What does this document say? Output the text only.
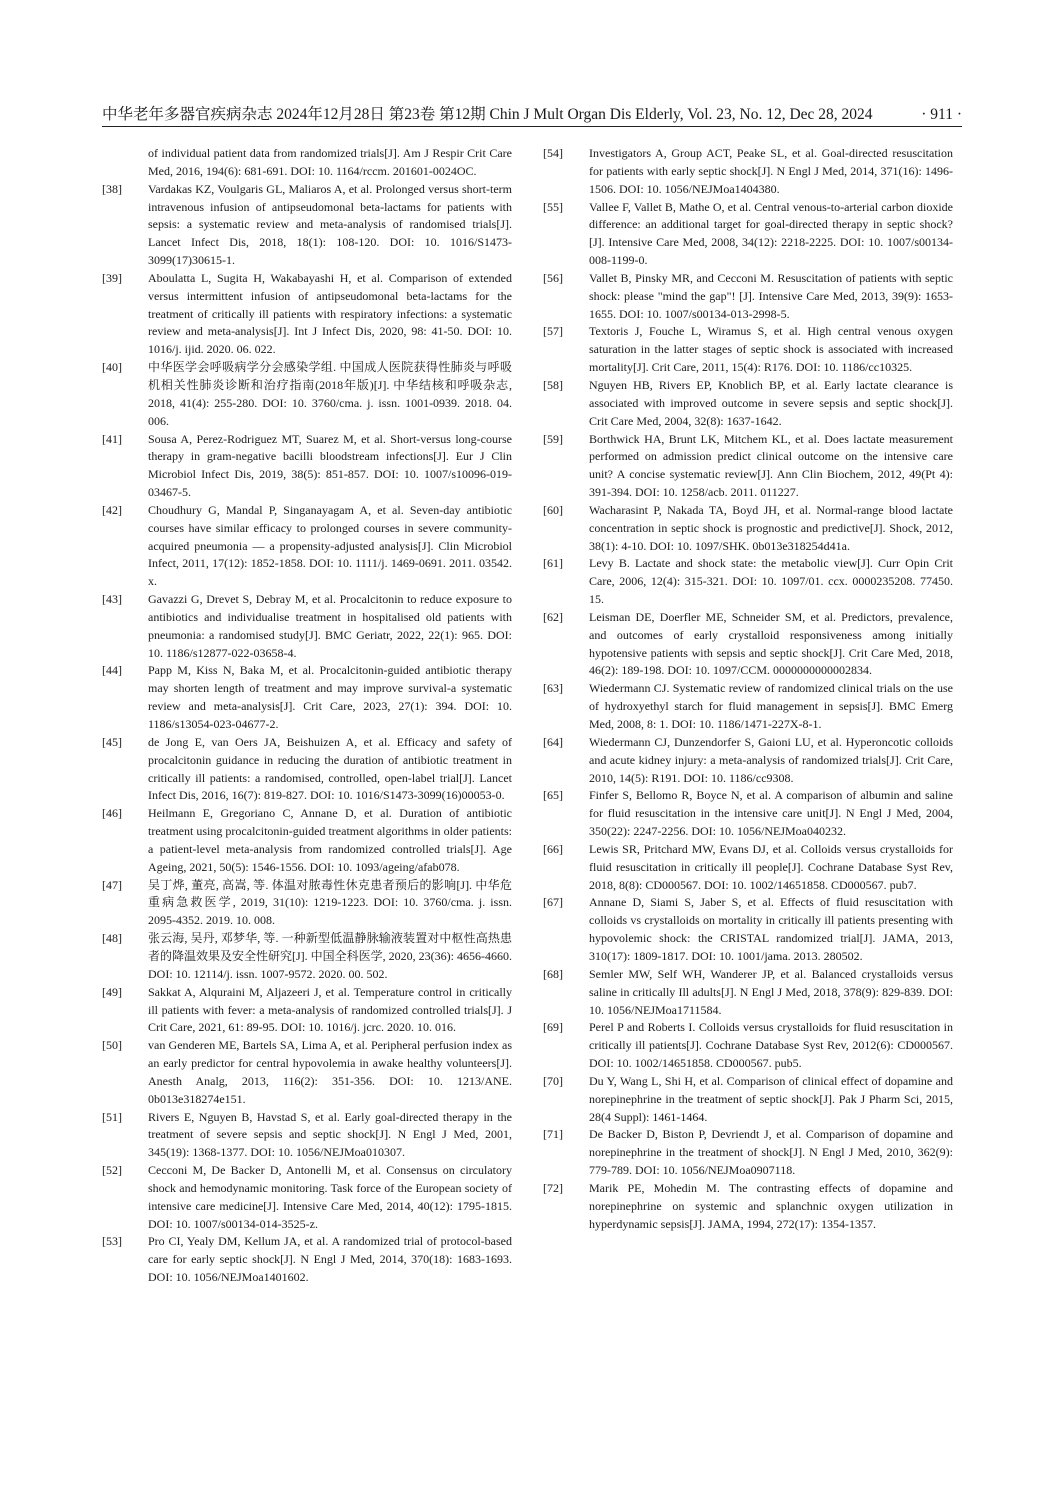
中华老年多器官疾病杂志 2024年12月28日 第23卷 第12期 Chin J Mult Organ Dis Elderly, Vol. 23, No. 12, Dec 28, 2024	· 911 ·
of individual patient data from randomized trials[J]. Am J Respir Crit Care Med, 2016, 194(6): 681-691. DOI: 10. 1164/rccm. 201601-0024OC.
[38]	Vardakas KZ, Voulgaris GL, Maliaros A, et al. Prolonged versus short-term intravenous infusion of antipseudomonal beta-lactams for patients with sepsis: a systematic review and meta-analysis of randomised trials[J]. Lancet Infect Dis, 2018, 18(1): 108-120. DOI: 10. 1016/S1473-3099(17)30615-1.
[39]	Aboulatta L, Sugita H, Wakabayashi H, et al. Comparison of extended versus intermittent infusion of antipseudomonal beta-lactams for the treatment of critically ill patients with respiratory infections: a systematic review and meta-analysis[J]. Int J Infect Dis, 2020, 98: 41-50. DOI: 10. 1016/j. ijid. 2020. 06. 022.
[40]	中华医学会呼吸病学分会感染学组. 中国成人医院获得性肺炎与呼吸机相关性肺炎诊断和治疗指南(2018年版)[J]. 中华结核和呼吸杂志, 2018, 41(4): 255-280. DOI: 10. 3760/cma. j. issn. 1001-0939. 2018. 04. 006.
[41]	Sousa A, Perez-Rodriguez MT, Suarez M, et al. Short-versus long-course therapy in gram-negative bacilli bloodstream infections[J]. Eur J Clin Microbiol Infect Dis, 2019, 38(5): 851-857. DOI: 10. 1007/s10096-019-03467-5.
[42]	Choudhury G, Mandal P, Singanayagam A, et al. Seven-day antibiotic courses have similar efficacy to prolonged courses in severe community-acquired pneumonia — a propensity-adjusted analysis[J]. Clin Microbiol Infect, 2011, 17(12): 1852-1858. DOI: 10. 1111/j. 1469-0691. 2011. 03542. x.
[43]	Gavazzi G, Drevet S, Debray M, et al. Procalcitonin to reduce exposure to antibiotics and individualise treatment in hospitalised old patients with pneumonia: a randomised study[J]. BMC Geriatr, 2022, 22(1): 965. DOI: 10. 1186/s12877-022-03658-4.
[44]	Papp M, Kiss N, Baka M, et al. Procalcitonin-guided antibiotic therapy may shorten length of treatment and may improve survival-a systematic review and meta-analysis[J]. Crit Care, 2023, 27(1): 394. DOI: 10. 1186/s13054-023-04677-2.
[45]	de Jong E, van Oers JA, Beishuizen A, et al. Efficacy and safety of procalcitonin guidance in reducing the duration of antibiotic treatment in critically ill patients: a randomised, controlled, open-label trial[J]. Lancet Infect Dis, 2016, 16(7): 819-827. DOI: 10. 1016/S1473-3099(16)00053-0.
[46]	Heilmann E, Gregoriano C, Annane D, et al. Duration of antibiotic treatment using procalcitonin-guided treatment algorithms in older patients: a patient-level meta-analysis from randomized controlled trials[J]. Age Ageing, 2021, 50(5): 1546-1556. DOI: 10. 1093/ageing/afab078.
[47]	吴丁烨, 董亮, 高嵩, 等. 体温对脓毒性休克患者预后的影响[J]. 中华危重病急救医学, 2019, 31(10): 1219-1223. DOI: 10. 3760/cma. j. issn. 2095-4352. 2019. 10. 008.
[48]	张云海, 吴丹, 邓梦华, 等. 一种新型低温静脉输液装置对中枢性高热患者的降温效果及安全性研究[J]. 中国全科医学, 2020, 23(36): 4656-4660. DOI: 10. 12114/j. issn. 1007-9572. 2020. 00. 502.
[49]	Sakkat A, Alquraini M, Aljazeeri J, et al. Temperature control in critically ill patients with fever: a meta-analysis of randomized controlled trials[J]. J Crit Care, 2021, 61: 89-95. DOI: 10. 1016/j. jcrc. 2020. 10. 016.
[50]	van Genderen ME, Bartels SA, Lima A, et al. Peripheral perfusion index as an early predictor for central hypovolemia in awake healthy volunteers[J]. Anesth Analg, 2013, 116(2): 351-356. DOI: 10. 1213/ANE. 0b013e318274e151.
[51]	Rivers E, Nguyen B, Havstad S, et al. Early goal-directed therapy in the treatment of severe sepsis and septic shock[J]. N Engl J Med, 2001, 345(19): 1368-1377. DOI: 10. 1056/NEJMoa010307.
[52]	Cecconi M, De Backer D, Antonelli M, et al. Consensus on circulatory shock and hemodynamic monitoring. Task force of the European society of intensive care medicine[J]. Intensive Care Med, 2014, 40(12): 1795-1815. DOI: 10. 1007/s00134-014-3525-z.
[53]	Pro CI, Yealy DM, Kellum JA, et al. A randomized trial of protocol-based care for early septic shock[J]. N Engl J Med, 2014, 370(18): 1683-1693. DOI: 10. 1056/NEJMoa1401602.
[54]	Investigators A, Group ACT, Peake SL, et al. Goal-directed resuscitation for patients with early septic shock[J]. N Engl J Med, 2014, 371(16): 1496-1506. DOI: 10. 1056/NEJMoa1404380.
[55]	Vallee F, Vallet B, Mathe O, et al. Central venous-to-arterial carbon dioxide difference: an additional target for goal-directed therapy in septic shock? [J]. Intensive Care Med, 2008, 34(12): 2218-2225. DOI: 10. 1007/s00134-008-1199-0.
[56]	Vallet B, Pinsky MR, and Cecconi M. Resuscitation of patients with septic shock: please "mind the gap"! [J]. Intensive Care Med, 2013, 39(9): 1653-1655. DOI: 10. 1007/s00134-013-2998-5.
[57]	Textoris J, Fouche L, Wiramus S, et al. High central venous oxygen saturation in the latter stages of septic shock is associated with increased mortality[J]. Crit Care, 2011, 15(4): R176. DOI: 10. 1186/cc10325.
[58]	Nguyen HB, Rivers EP, Knoblich BP, et al. Early lactate clearance is associated with improved outcome in severe sepsis and septic shock[J]. Crit Care Med, 2004, 32(8): 1637-1642.
[59]	Borthwick HA, Brunt LK, Mitchem KL, et al. Does lactate measurement performed on admission predict clinical outcome on the intensive care unit? A concise systematic review[J]. Ann Clin Biochem, 2012, 49(Pt 4): 391-394. DOI: 10. 1258/acb. 2011. 011227.
[60]	Wacharasint P, Nakada TA, Boyd JH, et al. Normal-range blood lactate concentration in septic shock is prognostic and predictive[J]. Shock, 2012, 38(1): 4-10. DOI: 10. 1097/SHK. 0b013e318254d41a.
[61]	Levy B. Lactate and shock state: the metabolic view[J]. Curr Opin Crit Care, 2006, 12(4): 315-321. DOI: 10. 1097/01. ccx. 0000235208. 77450. 15.
[62]	Leisman DE, Doerfler ME, Schneider SM, et al. Predictors, prevalence, and outcomes of early crystalloid responsiveness among initially hypotensive patients with sepsis and septic shock[J]. Crit Care Med, 2018, 46(2): 189-198. DOI: 10. 1097/CCM. 0000000000002834.
[63]	Wiedermann CJ. Systematic review of randomized clinical trials on the use of hydroxyethyl starch for fluid management in sepsis[J]. BMC Emerg Med, 2008, 8: 1. DOI: 10. 1186/1471-227X-8-1.
[64]	Wiedermann CJ, Dunzendorfer S, Gaioni LU, et al. Hyperoncotic colloids and acute kidney injury: a meta-analysis of randomized trials[J]. Crit Care, 2010, 14(5): R191. DOI: 10. 1186/cc9308.
[65]	Finfer S, Bellomo R, Boyce N, et al. A comparison of albumin and saline for fluid resuscitation in the intensive care unit[J]. N Engl J Med, 2004, 350(22): 2247-2256. DOI: 10. 1056/NEJMoa040232.
[66]	Lewis SR, Pritchard MW, Evans DJ, et al. Colloids versus crystalloids for fluid resuscitation in critically ill people[J]. Cochrane Database Syst Rev, 2018, 8(8): CD000567. DOI: 10. 1002/14651858. CD000567. pub7.
[67]	Annane D, Siami S, Jaber S, et al. Effects of fluid resuscitation with colloids vs crystalloids on mortality in critically ill patients presenting with hypovolemic shock: the CRISTAL randomized trial[J]. JAMA, 2013, 310(17): 1809-1817. DOI: 10. 1001/jama. 2013. 280502.
[68]	Semler MW, Self WH, Wanderer JP, et al. Balanced crystalloids versus saline in critically Ill adults[J]. N Engl J Med, 2018, 378(9): 829-839. DOI: 10. 1056/NEJMoa1711584.
[69]	Perel P and Roberts I. Colloids versus crystalloids for fluid resuscitation in critically ill patients[J]. Cochrane Database Syst Rev, 2012(6): CD000567. DOI: 10. 1002/14651858. CD000567. pub5.
[70]	Du Y, Wang L, Shi H, et al. Comparison of clinical effect of dopamine and norepinephrine in the treatment of septic shock[J]. Pak J Pharm Sci, 2015, 28(4 Suppl): 1461-1464.
[71]	De Backer D, Biston P, Devriendt J, et al. Comparison of dopamine and norepinephrine in the treatment of shock[J]. N Engl J Med, 2010, 362(9): 779-789. DOI: 10. 1056/NEJMoa0907118.
[72]	Marik PE, Mohedin M. The contrasting effects of dopamine and norepinephrine on systemic and splanchnic oxygen utilization in hyperdynamic sepsis[J]. JAMA, 1994, 272(17): 1354-1357.
